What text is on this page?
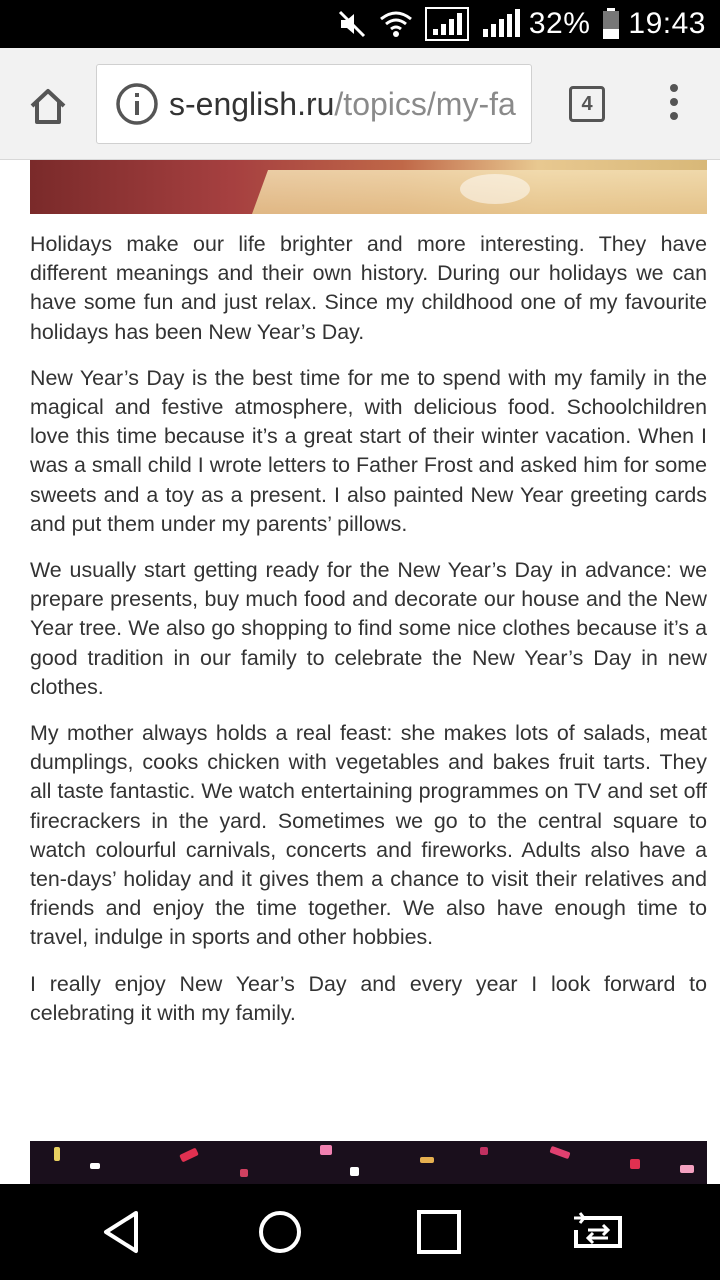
32% 19:43
s-english.ru/topics/my-fa	4

Holidays make our life brighter and more interesting. They have different meanings and their own history. During our holidays we can have some fun and just relax. Since my childhood one of my favourite holidays has been New Year’s Day.

New Year’s Day is the best time for me to spend with my family in the magical and festive atmosphere, with delicious food. Schoolchildren love this time because it’s a great start of their winter vacation. When I was a small child I wrote letters to Father Frost and asked him for some sweets and a toy as a present. I also painted New Year greeting cards and put them under my parents’ pillows.

We usually start getting ready for the New Year’s Day in advance: we prepare presents, buy much food and decorate our house and the New Year tree. We also go shopping to find some nice clothes because it’s a good tradition in our family to celebrate the New Year’s Day in new clothes.

My mother always holds a real feast: she makes lots of salads, meat dumplings, cooks chicken with vegetables and bakes fruit tarts. They all taste fantastic. We watch entertaining programmes on TV and set off firecrackers in the yard. Sometimes we go to the central square to watch colourful carnivals, concerts and fireworks. Adults also have a ten-days’ holiday and it gives them a chance to visit their relatives and friends and enjoy the time together. We also have enough time to travel, indulge in sports and other hobbies.

I really enjoy New Year’s Day and every year I look forward to celebrating it with my family.
